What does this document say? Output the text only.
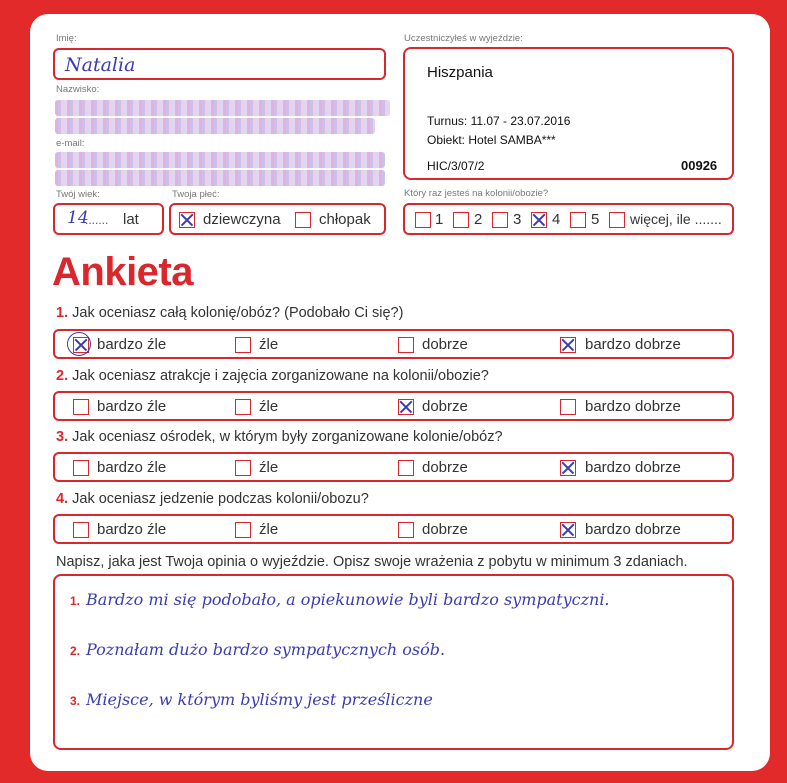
Imię:
Natalia
Nazwisko:
e-mail:
Twój wiek:
14
....... lat
Twoja płeć:
dziewczyna	chłopak
Uczestniczyłeś w wyjeździe:
Hiszpania
Turnus: 11.07 - 23.07.2016
Obiekt: Hotel SAMBA***
HIC/3/07/2	00926
Który raz jesteś na kolonii/obozie?
1 2 3 4 5 więcej, ile .......
Ankieta
1. Jak oceniasz całą kolonię/obóz? (Podobało Ci się?)
bardzo źle	źle	dobrze	bardzo dobrze
2. Jak oceniasz atrakcje i zajęcia zorganizowane na kolonii/obozie?
bardzo źle	źle	dobrze	bardzo dobrze
3. Jak oceniasz ośrodek, w którym były zorganizowane kolonie/obóz?
bardzo źle	źle	dobrze	bardzo dobrze
4. Jak oceniasz jedzenie podczas kolonii/obozu?
bardzo źle	źle	dobrze	bardzo dobrze
Napisz, jaka jest Twoja opinia o wyjeździe. Opisz swoje wrażenia z pobytu w minimum 3 zdaniach.
1. Bardzo mi się podobało, a opiekunowie byli bardzo sympatyczni.
2. Poznałam dużo bardzo sympatycznych osób.
3. Miejsce, w którym byliśmy jest prześliczne
